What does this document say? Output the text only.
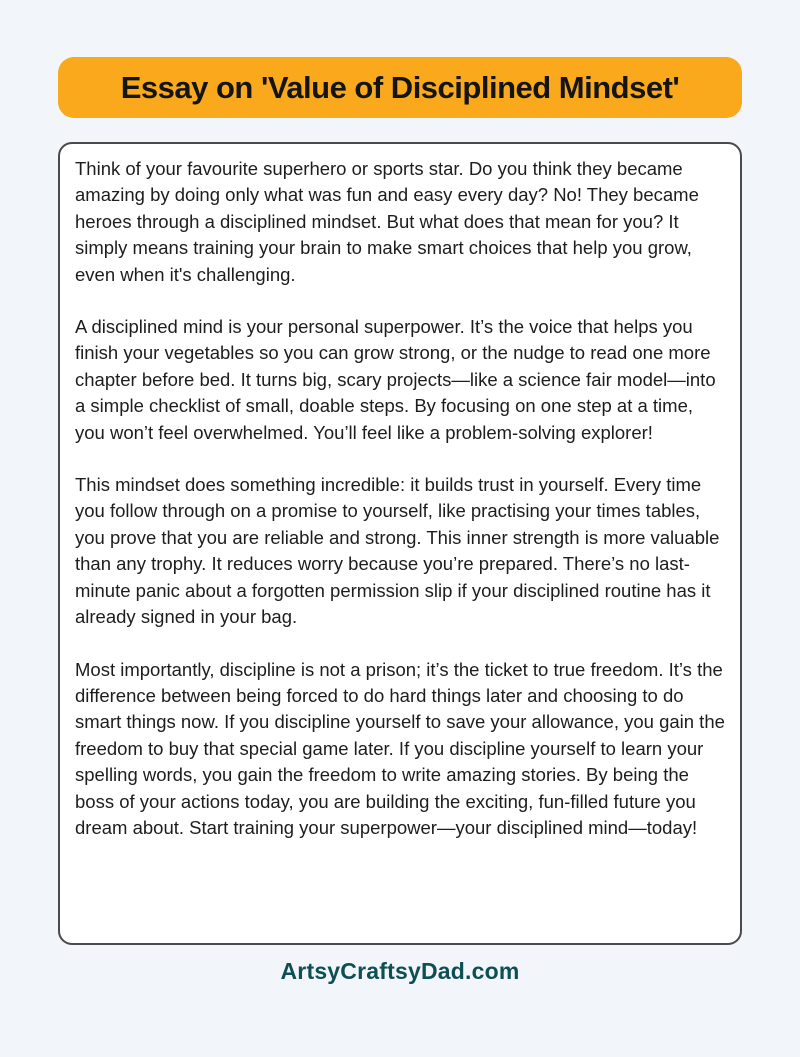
Essay on 'Value of Disciplined Mindset'

Think of your favourite superhero or sports star. Do you think they became amazing by doing only what was fun and easy every day? No! They became heroes through a disciplined mindset. But what does that mean for you? It simply means training your brain to make smart choices that help you grow, even when it's challenging.

A disciplined mind is your personal superpower. It’s the voice that helps you finish your vegetables so you can grow strong, or the nudge to read one more chapter before bed. It turns big, scary projects—like a science fair model—into a simple checklist of small, doable steps. By focusing on one step at a time, you won’t feel overwhelmed. You’ll feel like a problem-solving explorer!

This mindset does something incredible: it builds trust in yourself. Every time you follow through on a promise to yourself, like practising your times tables, you prove that you are reliable and strong. This inner strength is more valuable than any trophy. It reduces worry because you’re prepared. There’s no last-minute panic about a forgotten permission slip if your disciplined routine has it already signed in your bag.

Most importantly, discipline is not a prison; it’s the ticket to true freedom. It’s the difference between being forced to do hard things later and choosing to do smart things now. If you discipline yourself to save your allowance, you gain the freedom to buy that special game later. If you discipline yourself to learn your spelling words, you gain the freedom to write amazing stories. By being the boss of your actions today, you are building the exciting, fun-filled future you dream about. Start training your superpower—your disciplined mind—today!

ArtsyCraftsyDad.com
